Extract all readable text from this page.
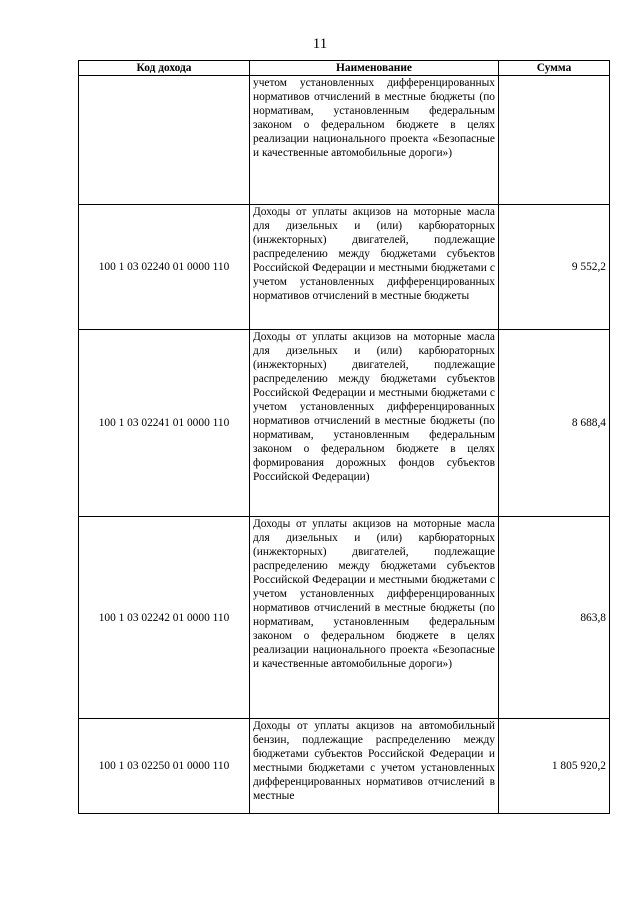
11
Код дохода	Наименование	Сумма
	учетом установленных дифференцированных нормативов отчислений в местные бюджеты (по нормативам, установленным федеральным законом о федеральном бюджете в целях реализации национального проекта «Безопасные и качественные автомобильные дороги»)	
100 1 03 02240 01 0000 110	Доходы от уплаты акцизов на моторные масла для дизельных и (или) карбюраторных (инжекторных) двигателей, подлежащие распределению между бюджетами субъектов Российской Федерации и местными бюджетами с учетом установленных дифференцированных нормативов отчислений в местные бюджеты	9 552,2
100 1 03 02241 01 0000 110	Доходы от уплаты акцизов на моторные масла для дизельных и (или) карбюраторных (инжекторных) двигателей, подлежащие распределению между бюджетами субъектов Российской Федерации и местными бюджетами с учетом установленных дифференцированных нормативов отчислений в местные бюджеты (по нормативам, установленным федеральным законом о федеральном бюджете в целях формирования дорожных фондов субъектов Российской Федерации)	8 688,4
100 1 03 02242 01 0000 110	Доходы от уплаты акцизов на моторные масла для дизельных и (или) карбюраторных (инжекторных) двигателей, подлежащие распределению между бюджетами субъектов Российской Федерации и местными бюджетами с учетом установленных дифференцированных нормативов отчислений в местные бюджеты (по нормативам, установленным федеральным законом о федеральном бюджете в целях реализации национального проекта «Безопасные и качественные автомобильные дороги»)	863,8
100 1 03 02250 01 0000 110	Доходы от уплаты акцизов на автомобильный бензин, подлежащие распределению между бюджетами субъектов Российской Федерации и местными бюджетами с учетом установленных дифференцированных нормативов отчислений в местные	1 805 920,2
